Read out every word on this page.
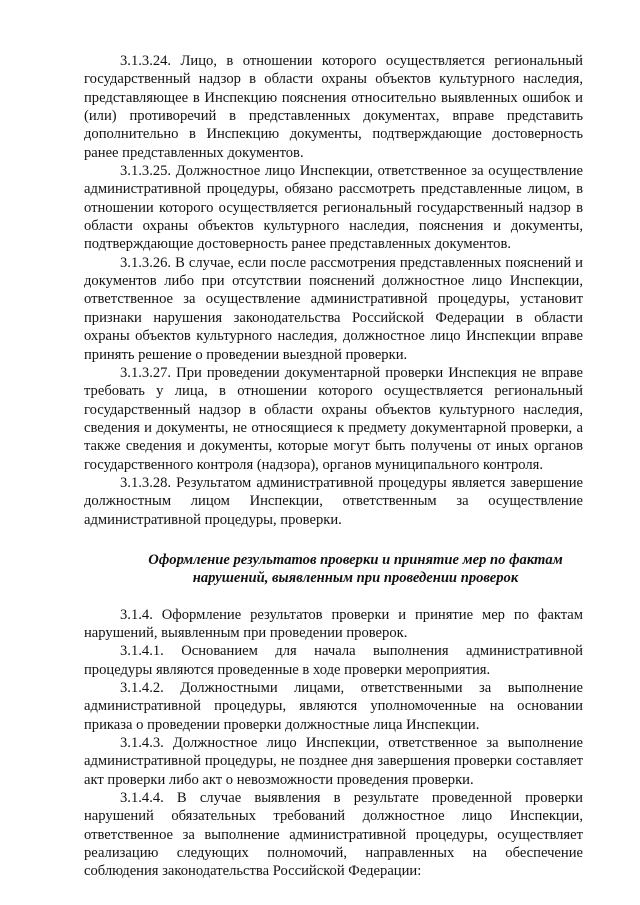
3.1.3.24. Лицо, в отношении которого осуществляется региональный государственный надзор в области охраны объектов культурного наследия, представляющее в Инспекцию пояснения относительно выявленных ошибок и (или) противоречий в представленных документах, вправе представить дополнительно в Инспекцию документы, подтверждающие достоверность ранее представленных документов.

3.1.3.25. Должностное лицо Инспекции, ответственное за осуществление административной процедуры, обязано рассмотреть представленные лицом, в отношении которого осуществляется региональный государственный надзор в области охраны объектов культурного наследия, пояснения и документы, подтверждающие достоверность ранее представленных документов.

3.1.3.26. В случае, если после рассмотрения представленных пояснений и документов либо при отсутствии пояснений должностное лицо Инспекции, ответственное за осуществление административной процедуры, установит признаки нарушения законодательства Российской Федерации в области охраны объектов культурного наследия, должностное лицо Инспекции вправе принять решение о проведении выездной проверки.

3.1.3.27. При проведении документарной проверки Инспекция не вправе требовать у лица, в отношении которого осуществляется региональный государственный надзор в области охраны объектов культурного наследия, сведения и документы, не относящиеся к предмету документарной проверки, а также сведения и документы, которые могут быть получены от иных органов государственного контроля (надзора), органов муниципального контроля.

3.1.3.28. Результатом административной процедуры является завершение должностным лицом Инспекции, ответственным за осуществление административной процедуры, проверки.

Оформление результатов проверки и принятие мер по фактам нарушений, выявленным при проведении проверок

3.1.4. Оформление результатов проверки и принятие мер по фактам нарушений, выявленным при проведении проверок.

3.1.4.1. Основанием для начала выполнения административной процедуры являются проведенные в ходе проверки мероприятия.

3.1.4.2. Должностными лицами, ответственными за выполнение административной процедуры, являются уполномоченные на основании приказа о проведении проверки должностные лица Инспекции.

3.1.4.3. Должностное лицо Инспекции, ответственное за выполнение административной процедуры, не позднее дня завершения проверки составляет акт проверки либо акт о невозможности проведения проверки.

3.1.4.4. В случае выявления в результате проведенной проверки нарушений обязательных требований должностное лицо Инспекции, ответственное за выполнение административной процедуры, осуществляет реализацию следующих полномочий, направленных на обеспечение соблюдения законодательства Российской Федерации:
